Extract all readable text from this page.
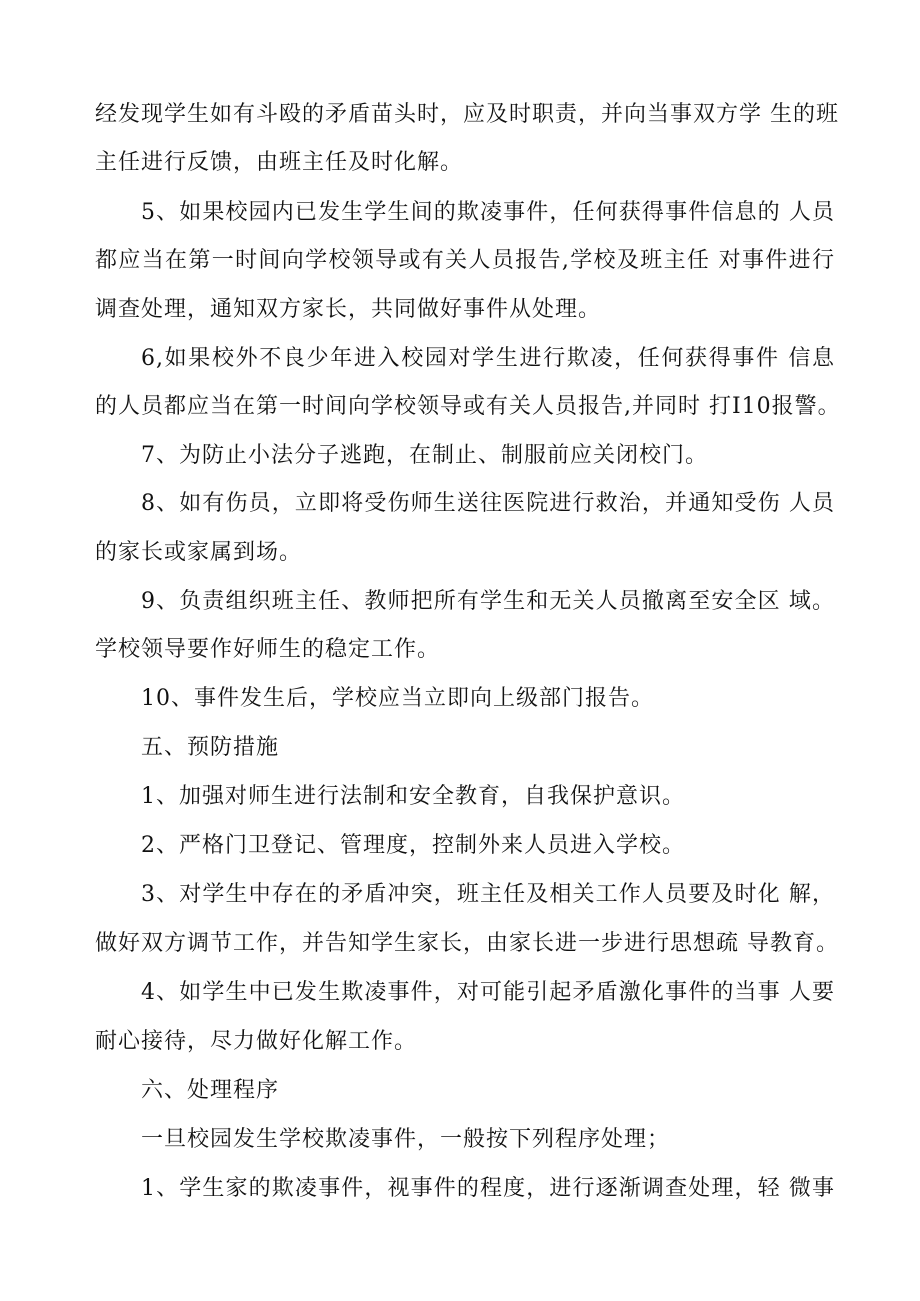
经发现学生如有斗殴的矛盾苗头时，应及时职责，并向当事双方学 生的班
主任进行反馈，由班主任及时化解。
5、如果校园内已发生学生间的欺凌事件，任何获得事件信息的 人员
都应当在第一时间向学校领导或有关人员报告,学校及班主任 对事件进行
调查处理，通知双方家长，共同做好事件从处理。
6,如果校外不良少年进入校园对学生进行欺凌，任何获得事件 信息
的人员都应当在第一时间向学校领导或有关人员报告,并同时 打I10报警。
7、为防止小法分子逃跑，在制止、制服前应关闭校门。
8、如有伤员，立即将受伤师生送往医院进行救治，并通知受伤 人员
的家长或家属到场。
9、负责组织班主任、教师把所有学生和无关人员撤离至安全区 域。
学校领导要作好师生的稳定工作。
10、事件发生后，学校应当立即向上级部门报告。
五、预防措施
1、加强对师生进行法制和安全教育，自我保护意识。
2、严格门卫登记、管理度，控制外来人员进入学校。
3、对学生中存在的矛盾冲突，班主任及相关工作人员要及时化 解，
做好双方调节工作，并告知学生家长，由家长进一步进行思想疏 导教育。
4、如学生中已发生欺凌事件，对可能引起矛盾激化事件的当事 人要
耐心接待，尽力做好化解工作。
六、处理程序
一旦校园发生学校欺凌事件，一般按下列程序处理；
1、学生家的欺凌事件，视事件的程度，进行逐渐调查处理，轻 微事
